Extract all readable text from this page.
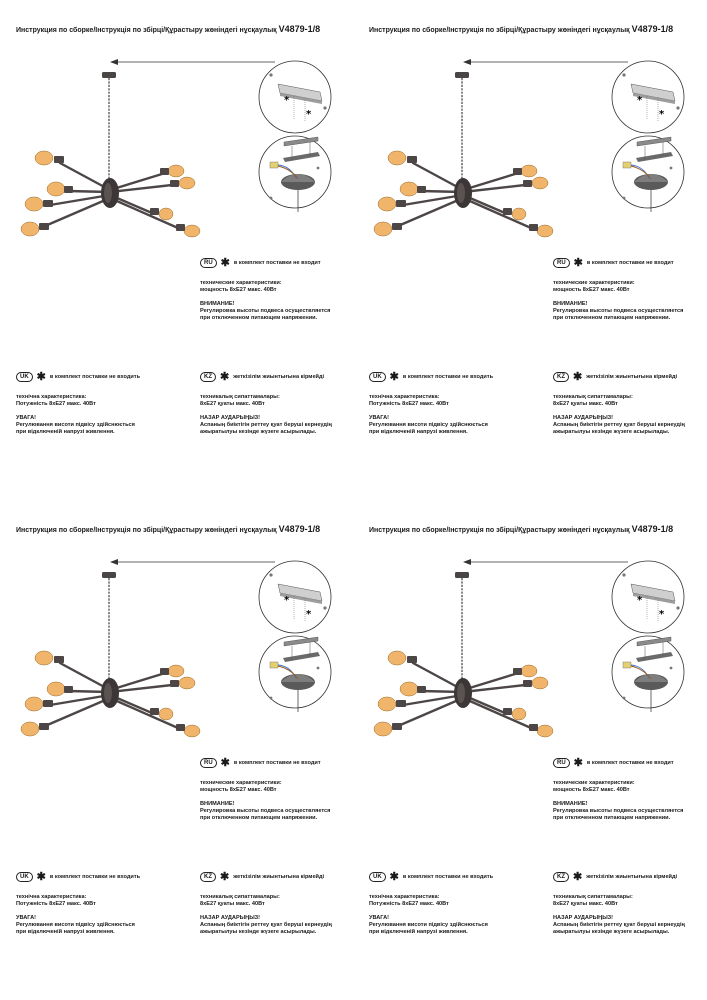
Инструкция по сборке/Інструкція по збірці/Құрастыру жөніндегі нұсқаулық V4879-1/8
*
*
RU ✱ в комплект поставки не входит
технические характеристики:
мощность 8хЕ27 макс. 40Вт
ВНИМАНИЕ!
Регулировка высоты подвеса осуществляется
при отключенном питающем напряжении.
UK ✱ в комплект поставки не входить
технічна характеристика:
Потужність 8хЕ27 макс. 40Вт
УВАГА!
Регулювання висоти підвісу здійснюється
при відключеній напрузі живлення.
KZ ✱ жеткізілім жиынтығына кірмейді
техникалық сипаттамалары:
8хЕ27 қуаты макс. 40Вт
НАЗАР АУДАРЫҢЫЗ!
Аспаның биіктігін реттеу қуат беруші кернеудің
ажыратылуы кезінде жүзеге асырылады.
Инструкция по сборке/Інструкція по збірці/Құрастыру жөніндегі нұсқаулық V4879-1/8
*
*
RU ✱ в комплект поставки не входит
технические характеристики:
мощность 8хЕ27 макс. 40Вт
ВНИМАНИЕ!
Регулировка высоты подвеса осуществляется
при отключенном питающем напряжении.
UK ✱ в комплект поставки не входить
технічна характеристика:
Потужність 8хЕ27 макс. 40Вт
УВАГА!
Регулювання висоти підвісу здійснюється
при відключеній напрузі живлення.
KZ ✱ жеткізілім жиынтығына кірмейді
техникалық сипаттамалары:
8хЕ27 қуаты макс. 40Вт
НАЗАР АУДАРЫҢЫЗ!
Аспаның биіктігін реттеу қуат беруші кернеудің
ажыратылуы кезінде жүзеге асырылады.
Инструкция по сборке/Інструкція по збірці/Құрастыру жөніндегі нұсқаулық V4879-1/8
*
*
RU ✱ в комплект поставки не входит
технические характеристики:
мощность 8хЕ27 макс. 40Вт
ВНИМАНИЕ!
Регулировка высоты подвеса осуществляется
при отключенном питающем напряжении.
UK ✱ в комплект поставки не входить
технічна характеристика:
Потужність 8хЕ27 макс. 40Вт
УВАГА!
Регулювання висоти підвісу здійснюється
при відключеній напрузі живлення.
KZ ✱ жеткізілім жиынтығына кірмейді
техникалық сипаттамалары:
8хЕ27 қуаты макс. 40Вт
НАЗАР АУДАРЫҢЫЗ!
Аспаның биіктігін реттеу қуат беруші кернеудің
ажыратылуы кезінде жүзеге асырылады.
Инструкция по сборке/Інструкція по збірці/Құрастыру жөніндегі нұсқаулық V4879-1/8
*
*
RU ✱ в комплект поставки не входит
технические характеристики:
мощность 8хЕ27 макс. 40Вт
ВНИМАНИЕ!
Регулировка высоты подвеса осуществляется
при отключенном питающем напряжении.
UK ✱ в комплект поставки не входить
технічна характеристика:
Потужність 8хЕ27 макс. 40Вт
УВАГА!
Регулювання висоти підвісу здійснюється
при відключеній напрузі живлення.
KZ ✱ жеткізілім жиынтығына кірмейді
техникалық сипаттамалары:
8хЕ27 қуаты макс. 40Вт
НАЗАР АУДАРЫҢЫЗ!
Аспаның биіктігін реттеу қуат беруші кернеудің
ажыратылуы кезінде жүзеге асырылады.
